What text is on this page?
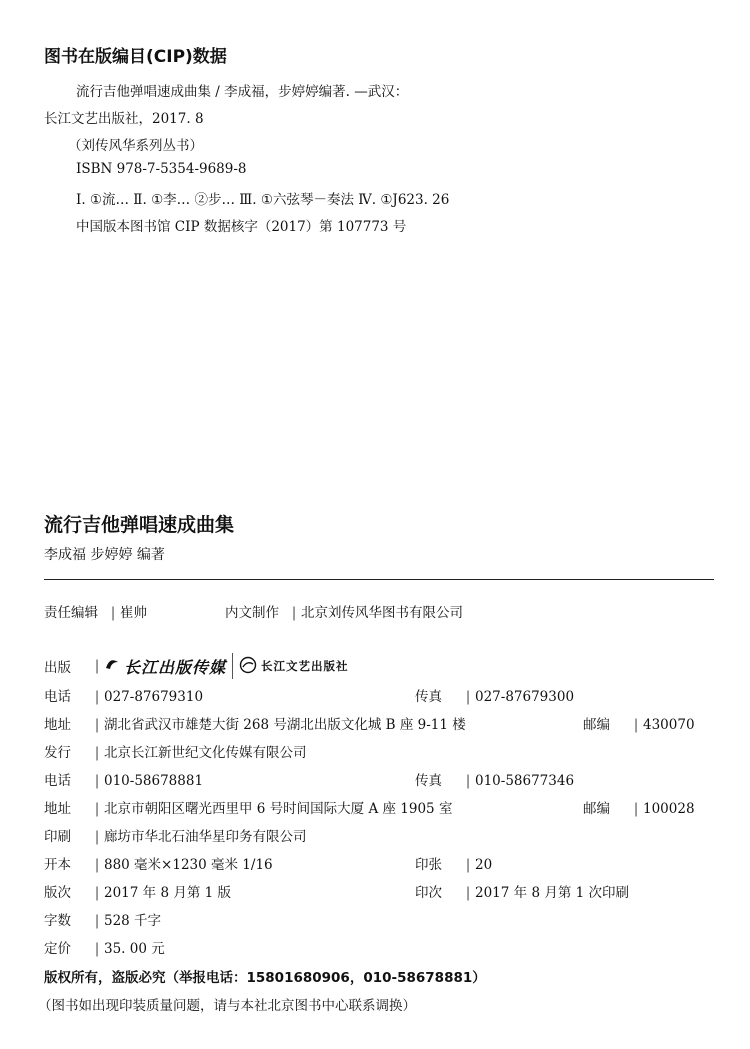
图书在版编目(CIP)数据
流行吉他弹唱速成曲集 / 李成福，步婷婷编著. —武汉：
长江文艺出版社，2017. 8
（刘传风华系列丛书）
ISBN 978-7-5354-9689-8
Ⅰ. ①流… Ⅱ. ①李… ②步… Ⅲ. ①六弦琴－奏法 Ⅳ. ①J623. 26
中国版本图书馆 CIP 数据核字（2017）第 107773 号
流行吉他弹唱速成曲集
李成福 步婷婷 编著
责任编辑 | 崔帅	内文制作 | 北京刘传风华图书有限公司
出版	| 长江出版传媒	长江文艺出版社
电话 | 027-87679310	传真 | 027-87679300
地址 | 湖北省武汉市雄楚大街 268 号湖北出版文化城 B 座 9-11 楼	邮编 | 430070
发行 | 北京长江新世纪文化传媒有限公司
电话 | 010-58678881	传真 | 010-58677346
地址 | 北京市朝阳区曙光西里甲 6 号时间国际大厦 A 座 1905 室	邮编 | 100028
印刷 | 廊坊市华北石油华星印务有限公司
开本 | 880 毫米×1230 毫米 1/16	印张 | 20
版次 | 2017 年 8 月第 1 版	印次 | 2017 年 8 月第 1 次印刷
字数 | 528 千字
定价 | 35. 00 元
版权所有，盗版必究（举报电话：15801680906，010-58678881）
（图书如出现印装质量问题，请与本社北京图书中心联系调换）
